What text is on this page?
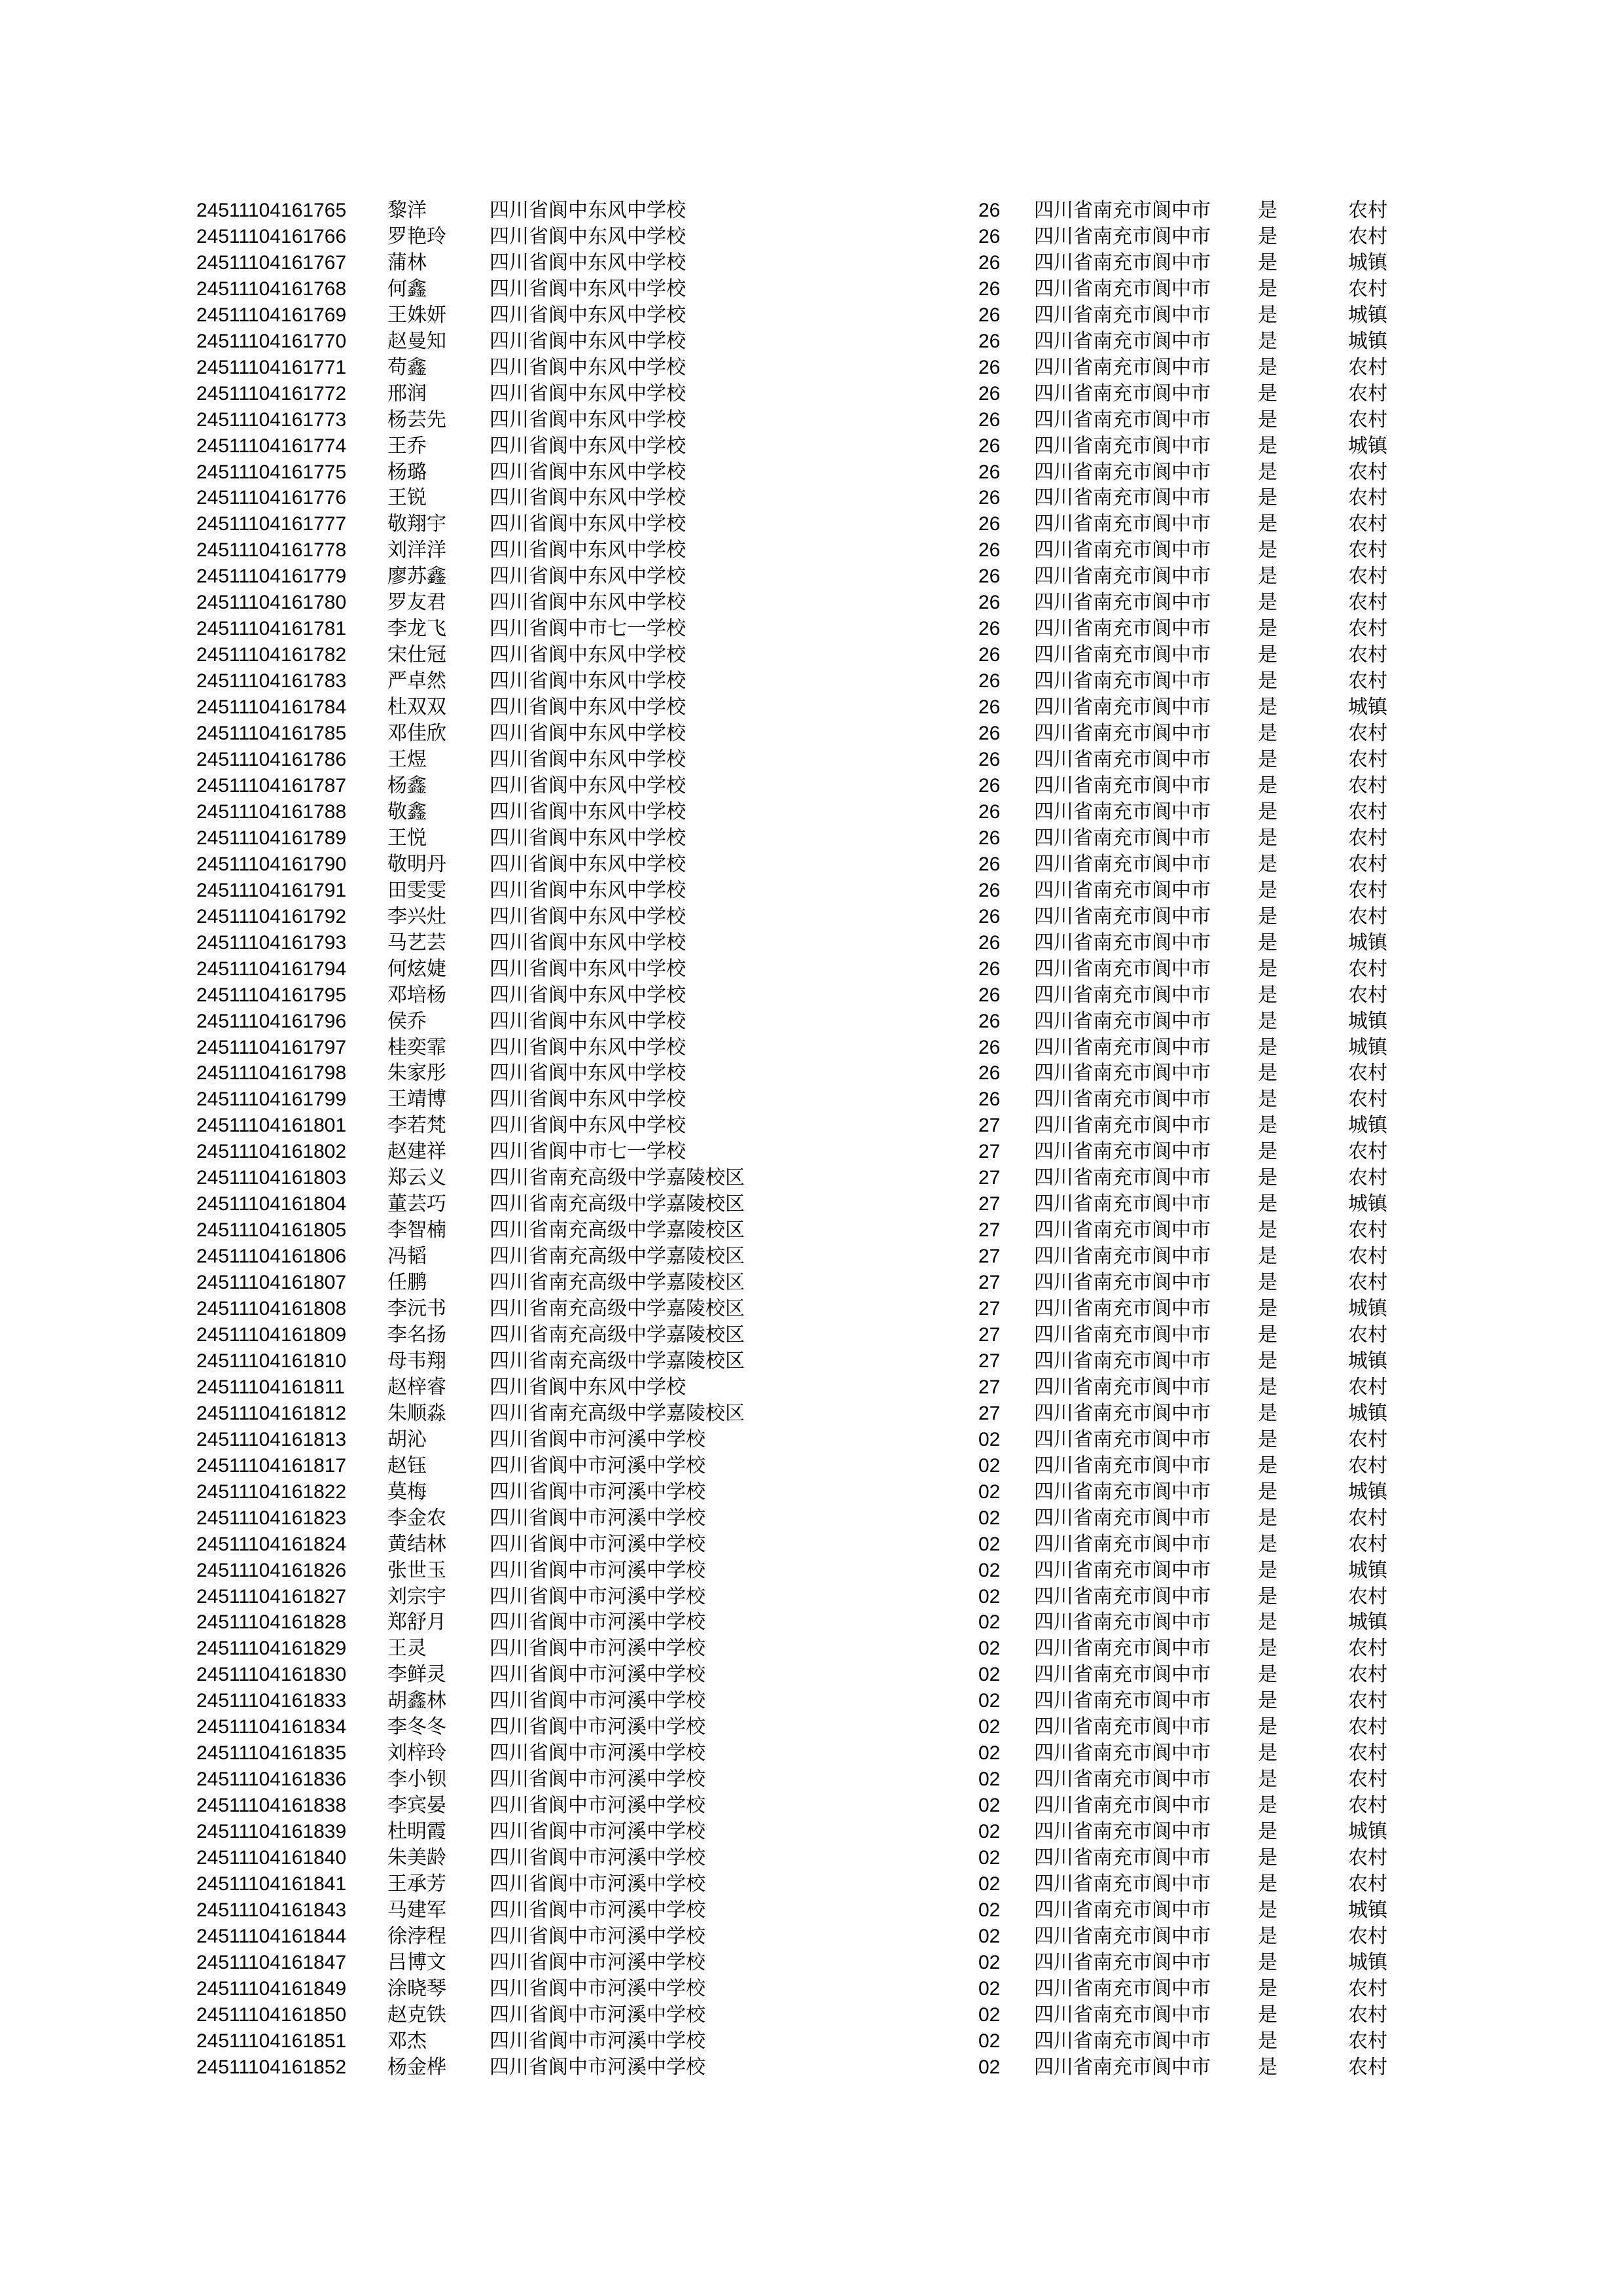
24511104161765 黎洋	四川省阆中东风中学校	26 四川省南充市阆中市 是	农村
24511104161766 罗艳玲 四川省阆中东风中学校	26 四川省南充市阆中市 是	农村
24511104161767 蒲林	四川省阆中东风中学校	26 四川省南充市阆中市 是	城镇
24511104161768 何鑫	四川省阆中东风中学校	26 四川省南充市阆中市 是	农村
24511104161769 王姝妍 四川省阆中东风中学校	26 四川省南充市阆中市 是	城镇
24511104161770 赵曼知 四川省阆中东风中学校	26 四川省南充市阆中市 是	城镇
24511104161771 苟鑫	四川省阆中东风中学校	26 四川省南充市阆中市 是	农村
24511104161772 邢润	四川省阆中东风中学校	26 四川省南充市阆中市 是	农村
24511104161773 杨芸先 四川省阆中东风中学校	26 四川省南充市阆中市 是	农村
24511104161774 王乔	四川省阆中东风中学校	26 四川省南充市阆中市 是	城镇
24511104161775 杨璐	四川省阆中东风中学校	26 四川省南充市阆中市 是	农村
24511104161776 王锐	四川省阆中东风中学校	26 四川省南充市阆中市 是	农村
24511104161777 敬翔宇 四川省阆中东风中学校	26 四川省南充市阆中市 是	农村
24511104161778 刘洋洋 四川省阆中东风中学校	26 四川省南充市阆中市 是	农村
24511104161779 廖苏鑫 四川省阆中东风中学校	26 四川省南充市阆中市 是	农村
24511104161780 罗友君 四川省阆中东风中学校	26 四川省南充市阆中市 是	农村
24511104161781 李龙飞 四川省阆中市七一学校	26 四川省南充市阆中市 是	农村
24511104161782 宋仕冠 四川省阆中东风中学校	26 四川省南充市阆中市 是	农村
24511104161783 严卓然 四川省阆中东风中学校	26 四川省南充市阆中市 是	农村
24511104161784 杜双双 四川省阆中东风中学校	26 四川省南充市阆中市 是	城镇
24511104161785 邓佳欣 四川省阆中东风中学校	26 四川省南充市阆中市 是	农村
24511104161786 王煜	四川省阆中东风中学校	26 四川省南充市阆中市 是	农村
24511104161787 杨鑫	四川省阆中东风中学校	26 四川省南充市阆中市 是	农村
24511104161788 敬鑫	四川省阆中东风中学校	26 四川省南充市阆中市 是	农村
24511104161789 王悦	四川省阆中东风中学校	26 四川省南充市阆中市 是	农村
24511104161790 敬明丹 四川省阆中东风中学校	26 四川省南充市阆中市 是	农村
24511104161791 田雯雯 四川省阆中东风中学校	26 四川省南充市阆中市 是	农村
24511104161792 李兴灶 四川省阆中东风中学校	26 四川省南充市阆中市 是	农村
24511104161793 马艺芸 四川省阆中东风中学校	26 四川省南充市阆中市 是	城镇
24511104161794 何炫婕 四川省阆中东风中学校	26 四川省南充市阆中市 是	农村
24511104161795 邓培杨 四川省阆中东风中学校	26 四川省南充市阆中市 是	农村
24511104161796 侯乔	四川省阆中东风中学校	26 四川省南充市阆中市 是	城镇
24511104161797 桂奕霏 四川省阆中东风中学校	26 四川省南充市阆中市 是	城镇
24511104161798 朱家彤 四川省阆中东风中学校	26 四川省南充市阆中市 是	农村
24511104161799 王靖博 四川省阆中东风中学校	26 四川省南充市阆中市 是	农村
24511104161801 李若梵 四川省阆中东风中学校	27 四川省南充市阆中市 是	城镇
24511104161802 赵建祥 四川省阆中市七一学校	27 四川省南充市阆中市 是	农村
24511104161803 郑云义 四川省南充高级中学嘉陵校区	27 四川省南充市阆中市 是	农村
24511104161804 董芸巧 四川省南充高级中学嘉陵校区	27 四川省南充市阆中市 是	城镇
24511104161805 李智楠 四川省南充高级中学嘉陵校区	27 四川省南充市阆中市 是	农村
24511104161806 冯韬	四川省南充高级中学嘉陵校区	27 四川省南充市阆中市 是	农村
24511104161807 任鹏	四川省南充高级中学嘉陵校区	27 四川省南充市阆中市 是	农村
24511104161808 李沅书 四川省南充高级中学嘉陵校区	27 四川省南充市阆中市 是	城镇
24511104161809 李名扬 四川省南充高级中学嘉陵校区	27 四川省南充市阆中市 是	农村
24511104161810 母韦翔 四川省南充高级中学嘉陵校区	27 四川省南充市阆中市 是	城镇
24511104161811 赵梓睿 四川省阆中东风中学校	27 四川省南充市阆中市 是	农村
24511104161812 朱顺淼 四川省南充高级中学嘉陵校区	27 四川省南充市阆中市 是	城镇
24511104161813 胡沁	四川省阆中市河溪中学校	02 四川省南充市阆中市 是	农村
24511104161817 赵钰	四川省阆中市河溪中学校	02 四川省南充市阆中市 是	农村
24511104161822 莫梅	四川省阆中市河溪中学校	02 四川省南充市阆中市 是	城镇
24511104161823 李金农 四川省阆中市河溪中学校	02 四川省南充市阆中市 是	农村
24511104161824 黄结林 四川省阆中市河溪中学校	02 四川省南充市阆中市 是	农村
24511104161826 张世玉 四川省阆中市河溪中学校	02 四川省南充市阆中市 是	城镇
24511104161827 刘宗宇 四川省阆中市河溪中学校	02 四川省南充市阆中市 是	农村
24511104161828 郑舒月 四川省阆中市河溪中学校	02 四川省南充市阆中市 是	城镇
24511104161829 王灵	四川省阆中市河溪中学校	02 四川省南充市阆中市 是	农村
24511104161830 李鲜灵 四川省阆中市河溪中学校	02 四川省南充市阆中市 是	农村
24511104161833 胡鑫林 四川省阆中市河溪中学校	02 四川省南充市阆中市 是	农村
24511104161834 李冬冬 四川省阆中市河溪中学校	02 四川省南充市阆中市 是	农村
24511104161835 刘梓玲 四川省阆中市河溪中学校	02 四川省南充市阆中市 是	农村
24511104161836 李小钡 四川省阆中市河溪中学校	02 四川省南充市阆中市 是	农村
24511104161838 李宾晏 四川省阆中市河溪中学校	02 四川省南充市阆中市 是	农村
24511104161839 杜明霞 四川省阆中市河溪中学校	02 四川省南充市阆中市 是	城镇
24511104161840 朱美龄 四川省阆中市河溪中学校	02 四川省南充市阆中市 是	农村
24511104161841 王承芳 四川省阆中市河溪中学校	02 四川省南充市阆中市 是	农村
24511104161843 马建军 四川省阆中市河溪中学校	02 四川省南充市阆中市 是	城镇
24511104161844 徐浡程 四川省阆中市河溪中学校	02 四川省南充市阆中市 是	农村
24511104161847 吕博文 四川省阆中市河溪中学校	02 四川省南充市阆中市 是	城镇
24511104161849 涂晓琴 四川省阆中市河溪中学校	02 四川省南充市阆中市 是	农村
24511104161850 赵克铁 四川省阆中市河溪中学校	02 四川省南充市阆中市 是	农村
24511104161851 邓杰	四川省阆中市河溪中学校	02 四川省南充市阆中市 是	农村
24511104161852 杨金桦 四川省阆中市河溪中学校	02 四川省南充市阆中市 是	农村
